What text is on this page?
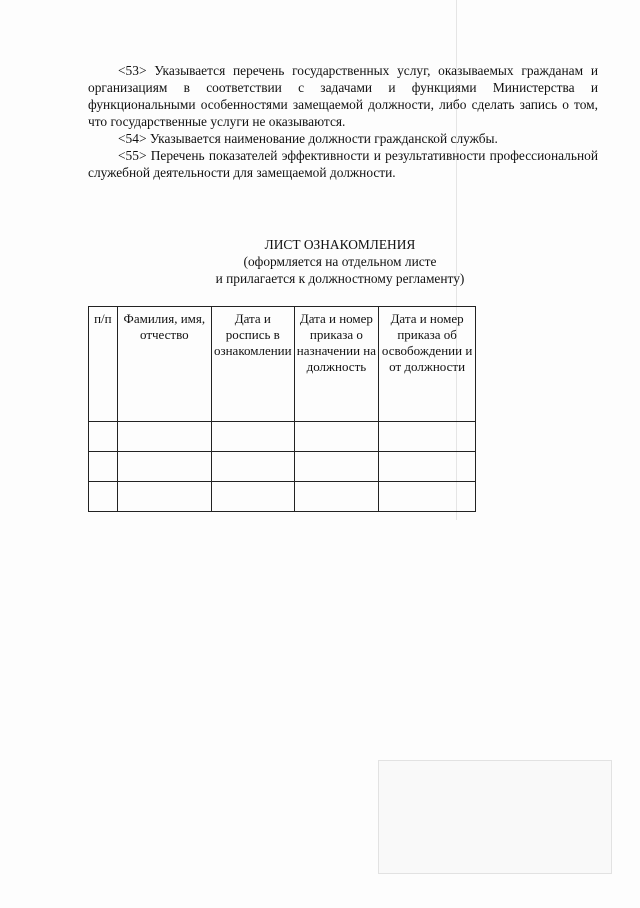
<53> Указывается перечень государственных услуг, оказываемых гражданам и организациям в соответствии с задачами и функциями Министерства и функциональными особенностями замещаемой должности, либо сделать запись о том, что государственные услуги не оказываются.

<54> Указывается наименование должности гражданской службы.

<55> Перечень показателей эффективности и результативности профессиональной служебной деятельности для замещаемой должности.

ЛИСТ ОЗНАКОМЛЕНИЯ
(оформляется на отдельном листе
и прилагается к должностному регламенту)
п/п	Фамилия, имя, отчество	Дата и роспись в ознакомлении	Дата и номер приказа о назначении на должность	Дата и номер приказа об освобождении и от должности
